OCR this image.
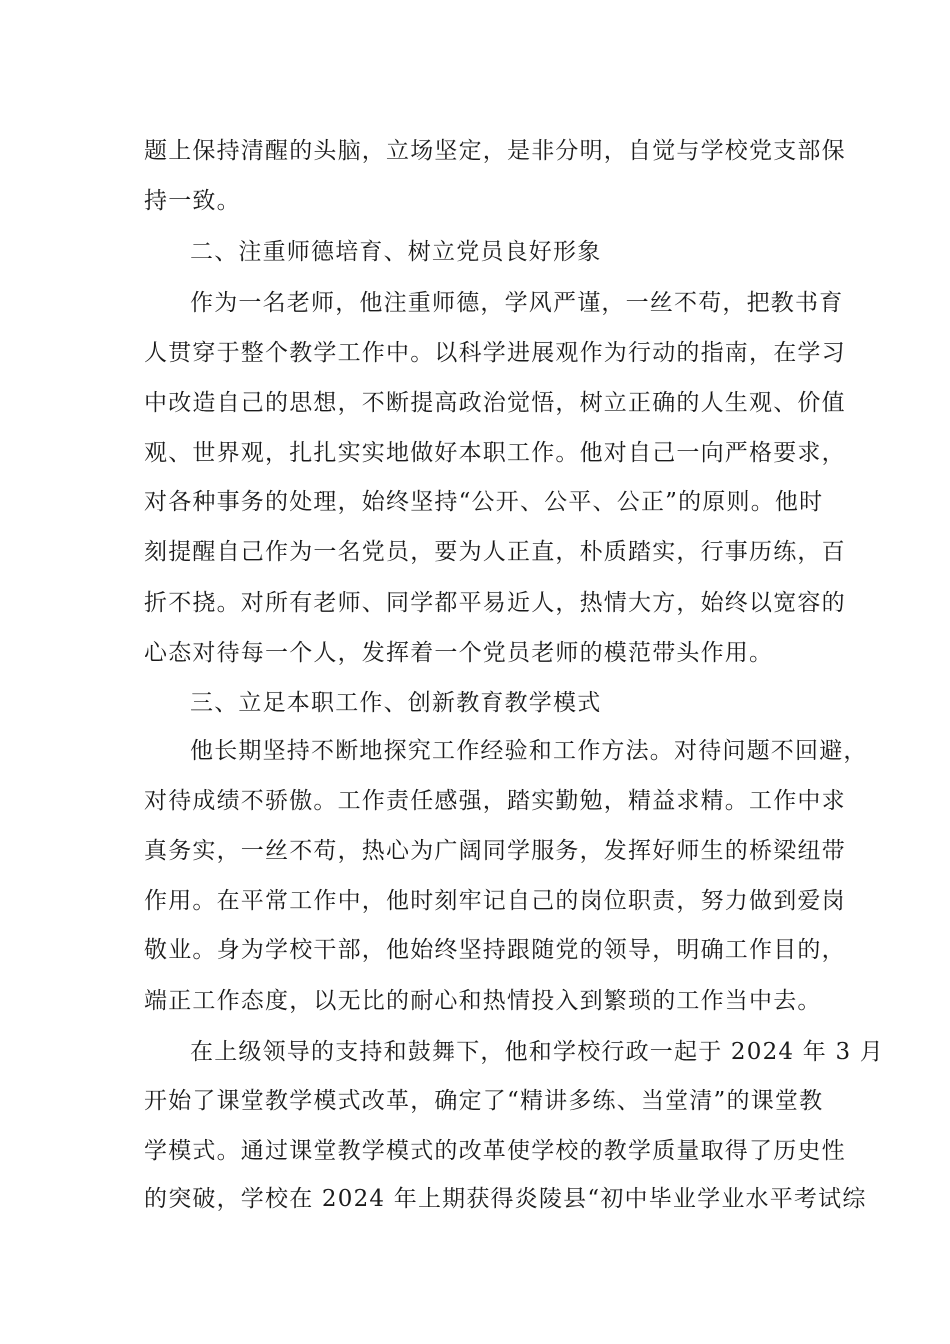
题上保持清醒的头脑，立场坚定，是非分明，自觉与学校党支部保
持一致。
二、注重师德培育、树立党员良好形象
作为一名老师，他注重师德，学风严谨，一丝不苟，把教书育
人贯穿于整个教学工作中。以科学进展观作为行动的指南，在学习
中改造自己的思想，不断提高政治觉悟，树立正确的人生观、价值
观、世界观，扎扎实实地做好本职工作。他对自己一向严格要求，
对各种事务的处理，始终坚持“公开、公平、公正”的原则。他时
刻提醒自己作为一名党员，要为人正直，朴质踏实，行事历练，百
折不挠。对所有老师、同学都平易近人，热情大方，始终以宽容的
心态对待每一个人，发挥着一个党员老师的模范带头作用。
三、立足本职工作、创新教育教学模式
他长期坚持不断地探究工作经验和工作方法。对待问题不回避，
对待成绩不骄傲。工作责任感强，踏实勤勉，精益求精。工作中求
真务实，一丝不苟，热心为广阔同学服务，发挥好师生的桥梁纽带
作用。在平常工作中，他时刻牢记自己的岗位职责，努力做到爱岗
敬业。身为学校干部，他始终坚持跟随党的领导，明确工作目的，
端正工作态度，以无比的耐心和热情投入到繁琐的工作当中去。
在上级领导的支持和鼓舞下，他和学校行政一起于 2024 年 3 月
开始了课堂教学模式改革，确定了“精讲多练、当堂清”的课堂教
学模式。通过课堂教学模式的改革使学校的教学质量取得了历史性
的突破，学校在 2024 年上期获得炎陵县“初中毕业学业水平考试综
